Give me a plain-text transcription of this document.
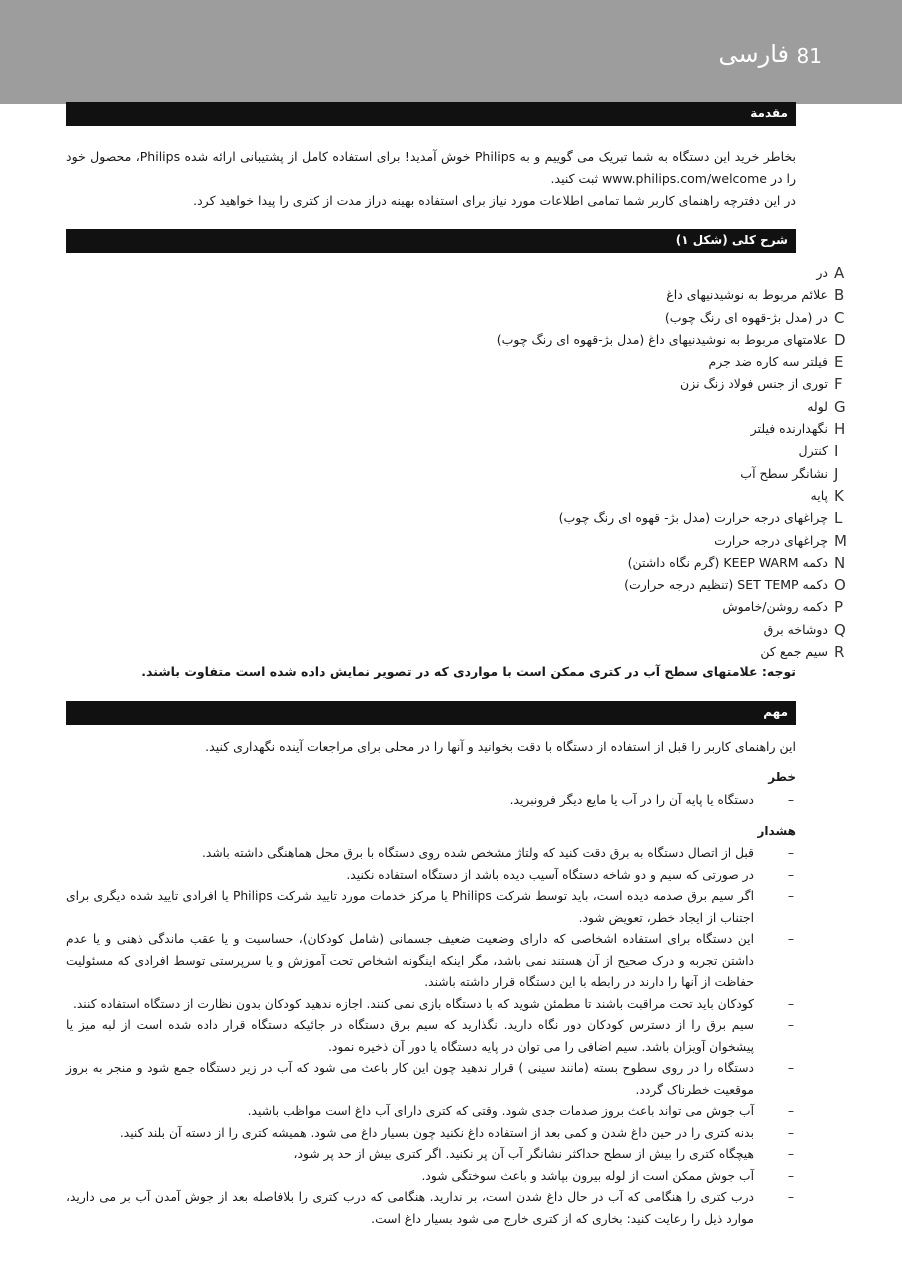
فارسی 81
مقدمة

بخاطر خرید این دستگاه به شما تبریک می گوییم و به Philips خوش آمدید! برای استفاده کامل از پشتیبانی ارائه شده Philips، محصول خود را در www.philips.com/welcome ثبت کنید.

در این دفترچه راهنمای کاربر شما تمامی اطلاعات مورد نیاز برای استفاده بهینه دراز مدت از کتری را پیدا خواهید کرد.

شرح کلی (شکل ۱)
A
در
B
علائم مربوط به نوشیدنیهای داغ
C
در (مدل بژ-قهوه ای رنگ چوب)
D
علامتهای مربوط به نوشیدنیهای داغ (مدل بژ-قهوه ای رنگ چوب)
E
فیلتر سه کاره ضد جرم
F
توری از جنس فولاد زنگ نزن
G
لوله
H
نگهدارنده فیلتر
I
کنترل
J
نشانگر سطح آب
K
پایه
L
چراغهای درجه حرارت (مدل بژ- قهوه ای رنگ چوب)
M
چراغهای درجه حرارت
N
دکمه KEEP WARM (گرم نگاه داشتن)
O
دکمه SET TEMP (تنظیم درجه حرارت)
P
دکمه روشن/خاموش
Q
دوشاخه برق
R
سیم جمع کن
توجه: علامتهای سطح آب در کتری ممکن است با مواردی که در تصویر نمایش داده شده است متفاوت باشند.
مهم
این راهنمای کاربر را قبل از استفاده از دستگاه با دقت بخوانید و آنها را در محلی برای مراجعات آینده نگهداری کنید.
خطر
–
دستگاه یا پایه آن را در آب یا مایع دیگر فرونبرید.
هشدار
–
قبل از اتصال دستگاه به برق دقت کنید که ولتاژ مشخص شده روی دستگاه با برق محل هماهنگی داشته باشد.
–
در صورتی که سیم و دو شاخه دستگاه آسیب دیده باشد از دستگاه استفاده نکنید.
–
اگر سیم برق صدمه دیده است، باید توسط شرکت Philips یا مرکز خدمات مورد تایید شرکت Philips یا افرادی تایید شده دیگری برای اجتناب از ایجاد خطر، تعویض شود.
–
این دستگاه برای استفاده اشخاصی که دارای وضعیت ضعیف جسمانی (شامل کودکان)، حساسیت و یا عقب ماندگی ذهنی و یا عدم داشتن تجربه و درک صحیح از آن هستند نمی باشد، مگر اینکه اینگونه اشخاص تحت آموزش و یا سرپرستی توسط افرادی که مسئولیت حفاظت از آنها را دارند در رابطه با این دستگاه قرار داشته باشند.
–
کودکان باید تحت مراقبت باشند تا مطمئن شوید که با دستگاه بازی نمی کنند. اجازه ندهید کودکان بدون نظارت از دستگاه استفاده کنند.
–
سیم برق را از دسترس کودکان دور نگاه دارید. نگذارید که سیم برق دستگاه در جائیکه دستگاه قرار داده شده است از لبه میز یا پیشخوان آویزان باشد. سیم اضافی را می توان در پایه دستگاه یا دور آن ذخیره نمود.
–
دستگاه را در روی سطوح بسته (مانند سینی ) قرار ندهید چون این کار باعث می شود که آب در زیر دستگاه جمع شود و منجر به بروز موقعیت خطرناک گردد.
–
آب جوش می تواند باعث بروز صدمات جدی شود. وقتی که کتری دارای آب داغ است مواظب باشید.
–
بدنه کتری را در حین داغ شدن و کمی بعد از استفاده داغ نکنید چون بسیار داغ می شود. همیشه کتری را از دسته آن بلند کنید.
–
هیچگاه کتری را بیش از سطح حداکثر نشانگر آب آن پر نکنید. اگر کتری بیش از حد پر شود،
–
آب جوش ممکن است از لوله بیرون بپاشد و باعث سوختگی شود.
–
درب کتری را هنگامی که آب در حال داغ شدن است، بر ندارید. هنگامی که درب کتری را بلافاصله بعد از جوش آمدن آب بر می دارید، موارد ذیل را رعایت کنید: بخاری که از کتری خارج می شود بسیار داغ است.
